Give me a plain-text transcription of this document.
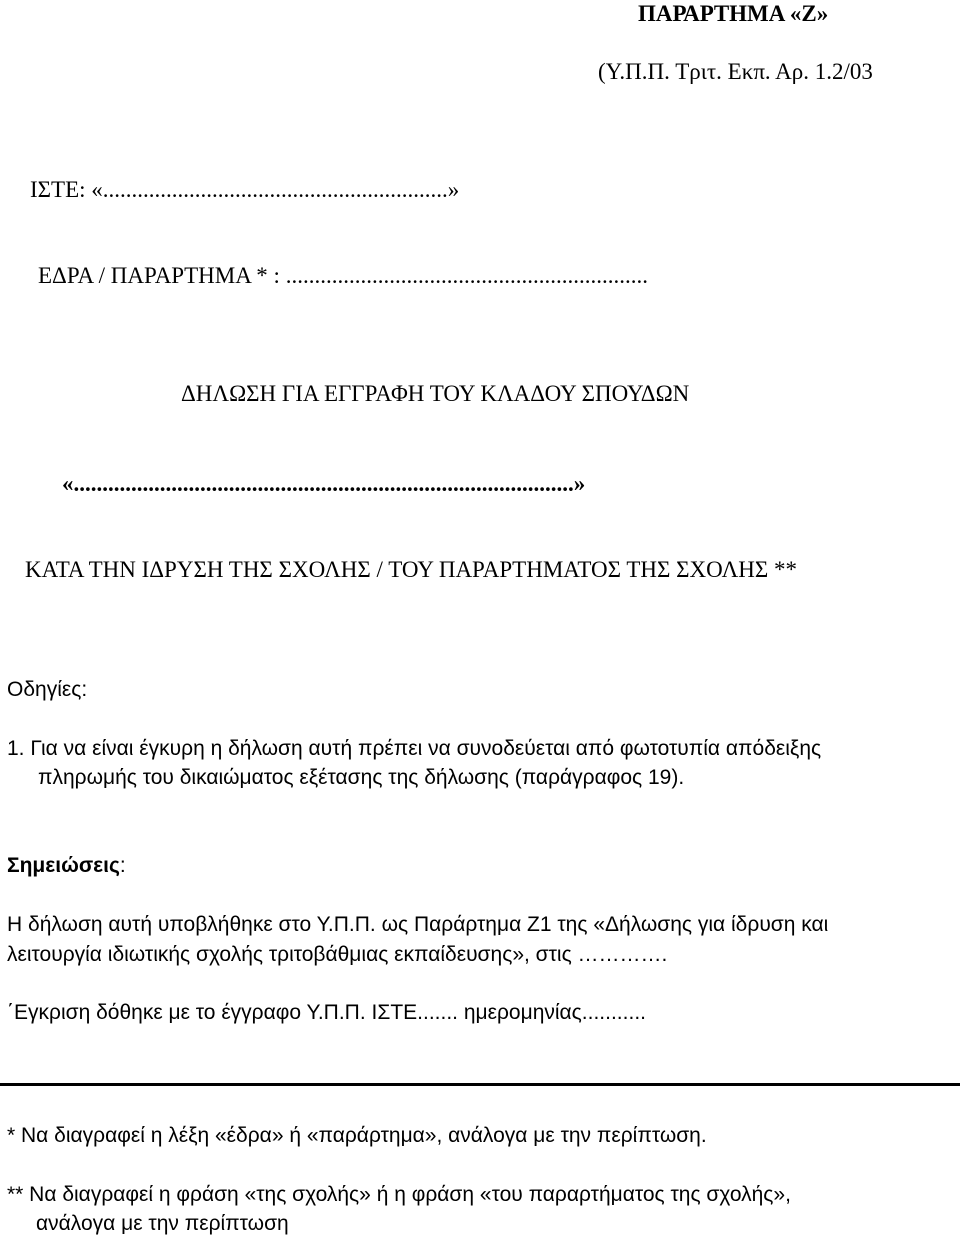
ΠΑΡΑΡΤΗΜΑ «Ζ»
(Υ.Π.Π. Τριτ. Εκπ. Αρ. 1.2/03
ΙΣΤΕ: «............................................................»
ΕΔΡΑ / ΠΑΡΑΡΤΗΜΑ * : ...............................................................
ΔΗΛΩΣΗ ΓΙΑ ΕΓΓΡΑΦΗ ΤΟΥ ΚΛΑΔΟΥ ΣΠΟΥΔΩΝ
«.......................................................................................»
ΚΑΤΑ ΤΗΝ ΙΔΡΥΣΗ ΤΗΣ ΣΧΟΛΗΣ / ΤΟΥ ΠΑΡΑΡΤΗΜΑΤΟΣ ΤΗΣ ΣΧΟΛΗΣ **
Οδηγίες:
1. Για να είναι έγκυρη η δήλωση αυτή πρέπει να συνοδεύεται από φωτοτυπία απόδειξης
πληρωμής του δικαιώματος εξέτασης της δήλωσης (παράγραφος 19).
Σημειώσεις:
Η δήλωση αυτή υποβλήθηκε στο Υ.Π.Π. ως Παράρτημα Ζ1 της «Δήλωσης για ίδρυση και
λειτουργία ιδιωτικής σχολής τριτοβάθμιας εκπαίδευσης», στις ………….
΄Εγκριση δόθηκε με το έγγραφο Υ.Π.Π. ΙΣΤΕ....... ημερομηνίας...........
* Να διαγραφεί η λέξη «έδρα» ή «παράρτημα», ανάλογα με την περίπτωση.
** Να διαγραφεί η φράση «της σχολής» ή η φράση «του παραρτήματος της σχολής»,
ανάλογα με την περίπτωση
